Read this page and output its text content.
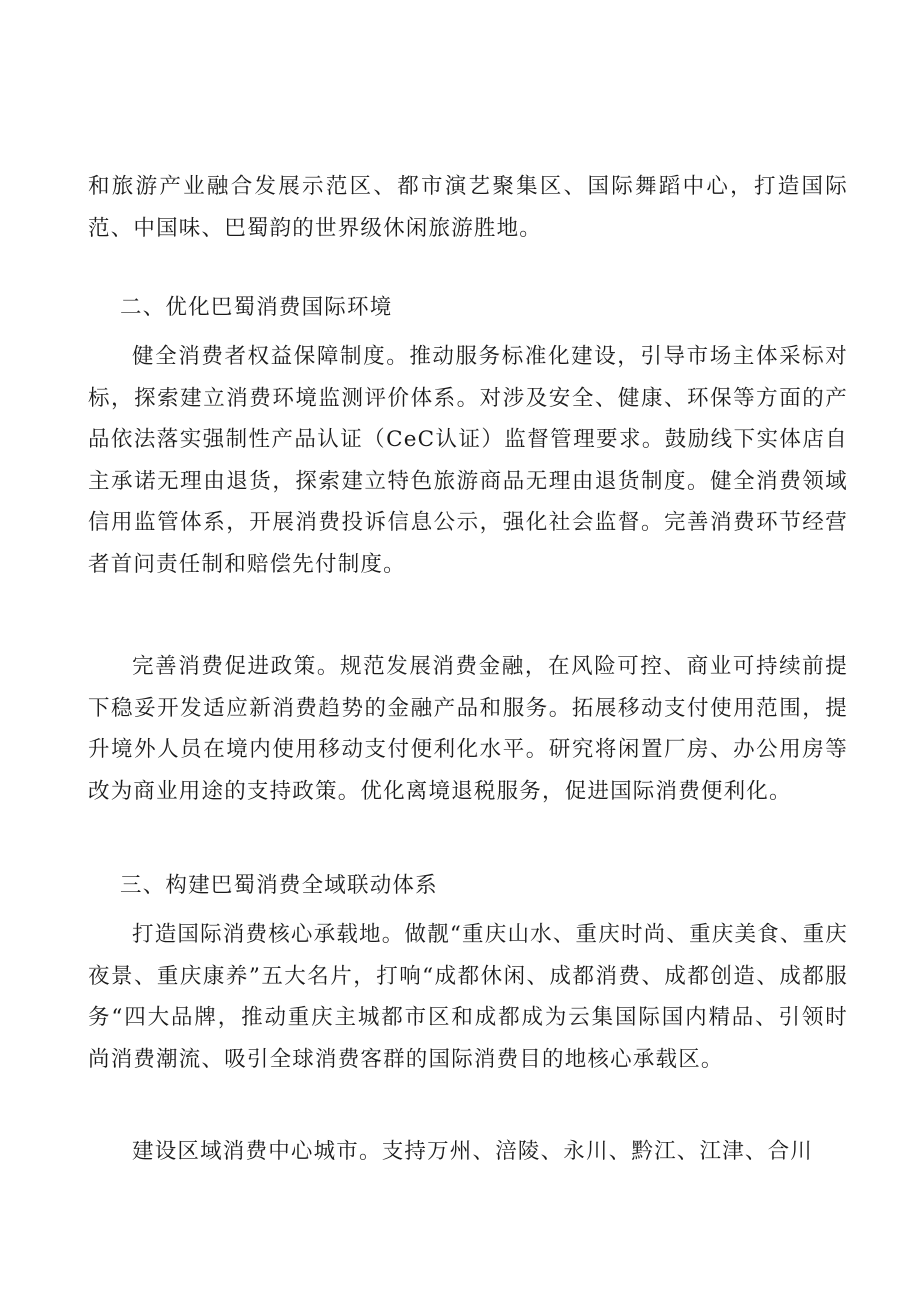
和旅游产业融合发展示范区、都市演艺聚集区、国际舞蹈中心，打造国际范、中国味、巴蜀韵的世界级休闲旅游胜地。

二、优化巴蜀消费国际环境

健全消费者权益保障制度。推动服务标准化建设，引导市场主体采标对标，探索建立消费环境监测评价体系。对涉及安全、健康、环保等方面的产品依法落实强制性产品认证（CeC认证）监督管理要求。鼓励线下实体店自主承诺无理由退货，探索建立特色旅游商品无理由退货制度。健全消费领域信用监管体系，开展消费投诉信息公示，强化社会监督。完善消费环节经营者首问责任制和赔偿先付制度。

完善消费促进政策。规范发展消费金融，在风险可控、商业可持续前提下稳妥开发适应新消费趋势的金融产品和服务。拓展移动支付使用范围，提升境外人员在境内使用移动支付便利化水平。研究将闲置厂房、办公用房等改为商业用途的支持政策。优化离境退税服务，促进国际消费便利化。

三、构建巴蜀消费全域联动体系

打造国际消费核心承载地。做靓“重庆山水、重庆时尚、重庆美食、重庆夜景、重庆康养”五大名片，打响“成都休闲、成都消费、成都创造、成都服务“四大品牌，推动重庆主城都市区和成都成为云集国际国内精品、引领时尚消费潮流、吸引全球消费客群的国际消费目的地核心承载区。

建设区域消费中心城市。支持万州、涪陵、永川、黔江、江津、合川
